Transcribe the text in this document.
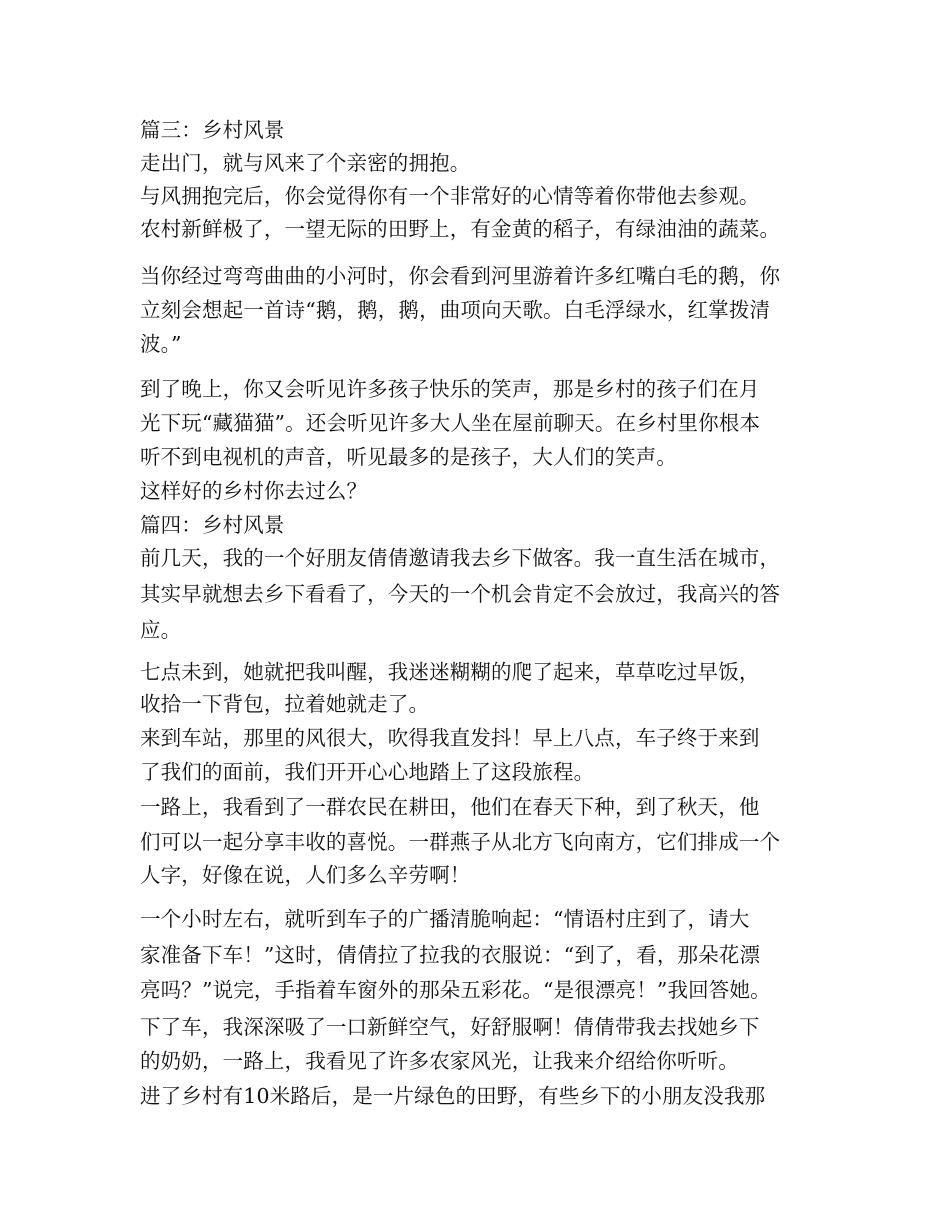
篇三：乡村风景
走出门，就与风来了个亲密的拥抱。
与风拥抱完后，你会觉得你有一个非常好的心情等着你带他去参观。
农村新鲜极了，一望无际的田野上，有金黄的稻子，有绿油油的蔬菜。
当你经过弯弯曲曲的小河时，你会看到河里游着许多红嘴白毛的鹅，你
立刻会想起一首诗“鹅，鹅，鹅，曲项向天歌。白毛浮绿水，红掌拨清
波。”
到了晚上，你又会听见许多孩子快乐的笑声，那是乡村的孩子们在月
光下玩“藏猫猫”。还会听见许多大人坐在屋前聊天。在乡村里你根本
听不到电视机的声音，听见最多的是孩子，大人们的笑声。
这样好的乡村你去过么？
篇四：乡村风景
前几天，我的一个好朋友倩倩邀请我去乡下做客。我一直生活在城市，
其实早就想去乡下看看了，今天的一个机会肯定不会放过，我高兴的答
应。
七点未到，她就把我叫醒，我迷迷糊糊的爬了起来，草草吃过早饭，
收拾一下背包，拉着她就走了。
来到车站，那里的风很大，吹得我直发抖！早上八点，车子终于来到
了我们的面前，我们开开心心地踏上了这段旅程。
一路上，我看到了一群农民在耕田，他们在春天下种，到了秋天，他
们可以一起分享丰收的喜悦。一群燕子从北方飞向南方，它们排成一个
人字，好像在说，人们多么辛劳啊！
一个小时左右，就听到车子的广播清脆响起：“情语村庄到了，请大
家准备下车！”这时，倩倩拉了拉我的衣服说：“到了，看，那朵花漂
亮吗？”说完，手指着车窗外的那朵五彩花。“是很漂亮！”我回答她。
下了车，我深深吸了一口新鲜空气，好舒服啊！倩倩带我去找她乡下
的奶奶，一路上，我看见了许多农家风光，让我来介绍给你听听。
进了乡村有10米路后，是一片绿色的田野，有些乡下的小朋友没我那
